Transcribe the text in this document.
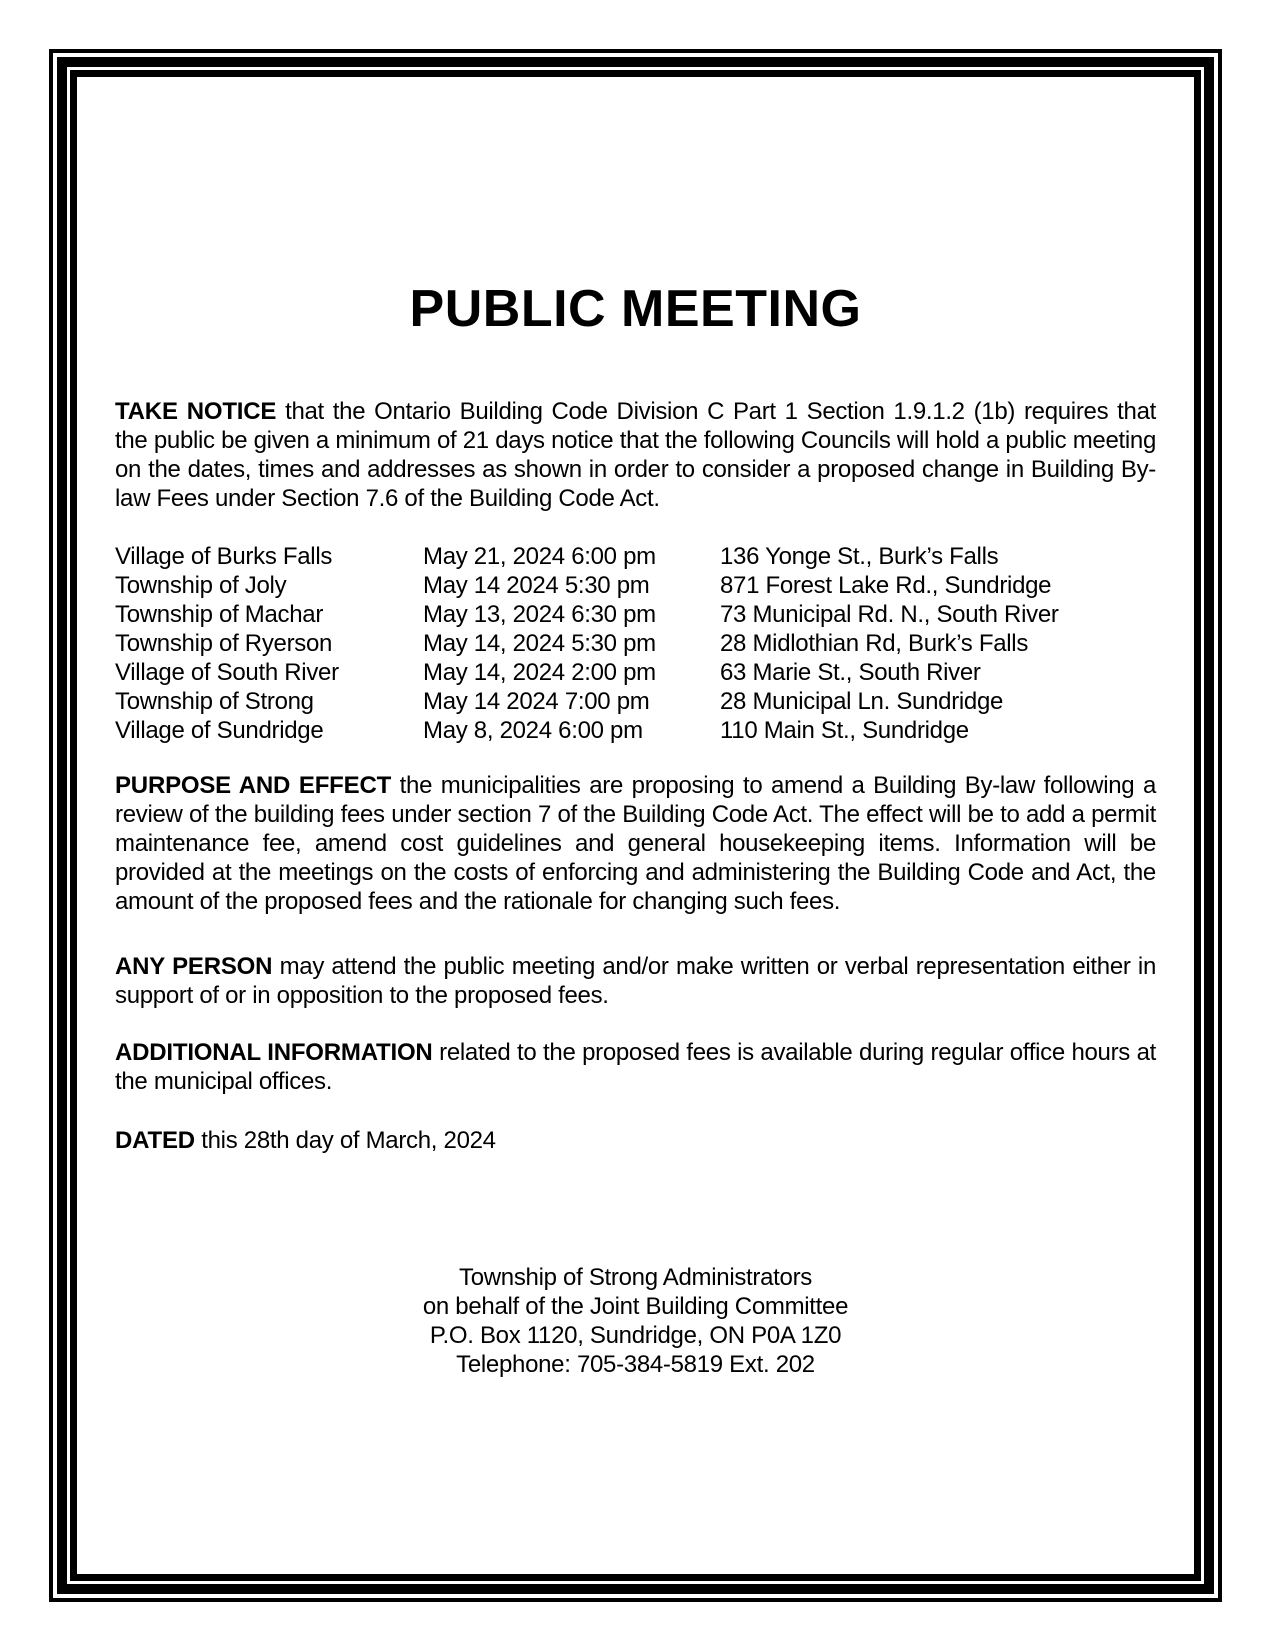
PUBLIC MEETING

TAKE NOTICE that the Ontario Building Code Division C Part 1 Section 1.9.1.2 (1b) requires that the public be given a minimum of 21 days notice that the following Councils will hold a public meeting on the dates, times and addresses as shown in order to consider a proposed change in Building By-law Fees under Section 7.6 of the Building Code Act.

Village of Burks Falls	May 21, 2024 6:00 pm	136 Yonge St., Burk’s Falls
Township of Joly	May 14 2024 5:30 pm	871 Forest Lake Rd., Sundridge
Township of Machar	May 13, 2024 6:30 pm	73 Municipal Rd. N., South River
Township of Ryerson	May 14, 2024 5:30 pm	28 Midlothian Rd, Burk’s Falls
Village of South River	May 14, 2024 2:00 pm	63 Marie St., South River
Township of Strong	May 14 2024 7:00 pm	28 Municipal Ln. Sundridge
Village of Sundridge	May 8, 2024 6:00 pm	110 Main St., Sundridge

PURPOSE AND EFFECT the municipalities are proposing to amend a Building By-law following a review of the building fees under section 7 of the Building Code Act. The effect will be to add a permit maintenance fee, amend cost guidelines and general housekeeping items. Information will be provided at the meetings on the costs of enforcing and administering the Building Code and Act, the amount of the proposed fees and the rationale for changing such fees.

ANY PERSON may attend the public meeting and/or make written or verbal representation either in support of or in opposition to the proposed fees.

ADDITIONAL INFORMATION related to the proposed fees is available during regular office hours at the municipal offices.

DATED this 28th day of March, 2024

Township of Strong Administrators
on behalf of the Joint Building Committee
P.O. Box 1120, Sundridge, ON P0A 1Z0
Telephone: 705-384-5819 Ext. 202
